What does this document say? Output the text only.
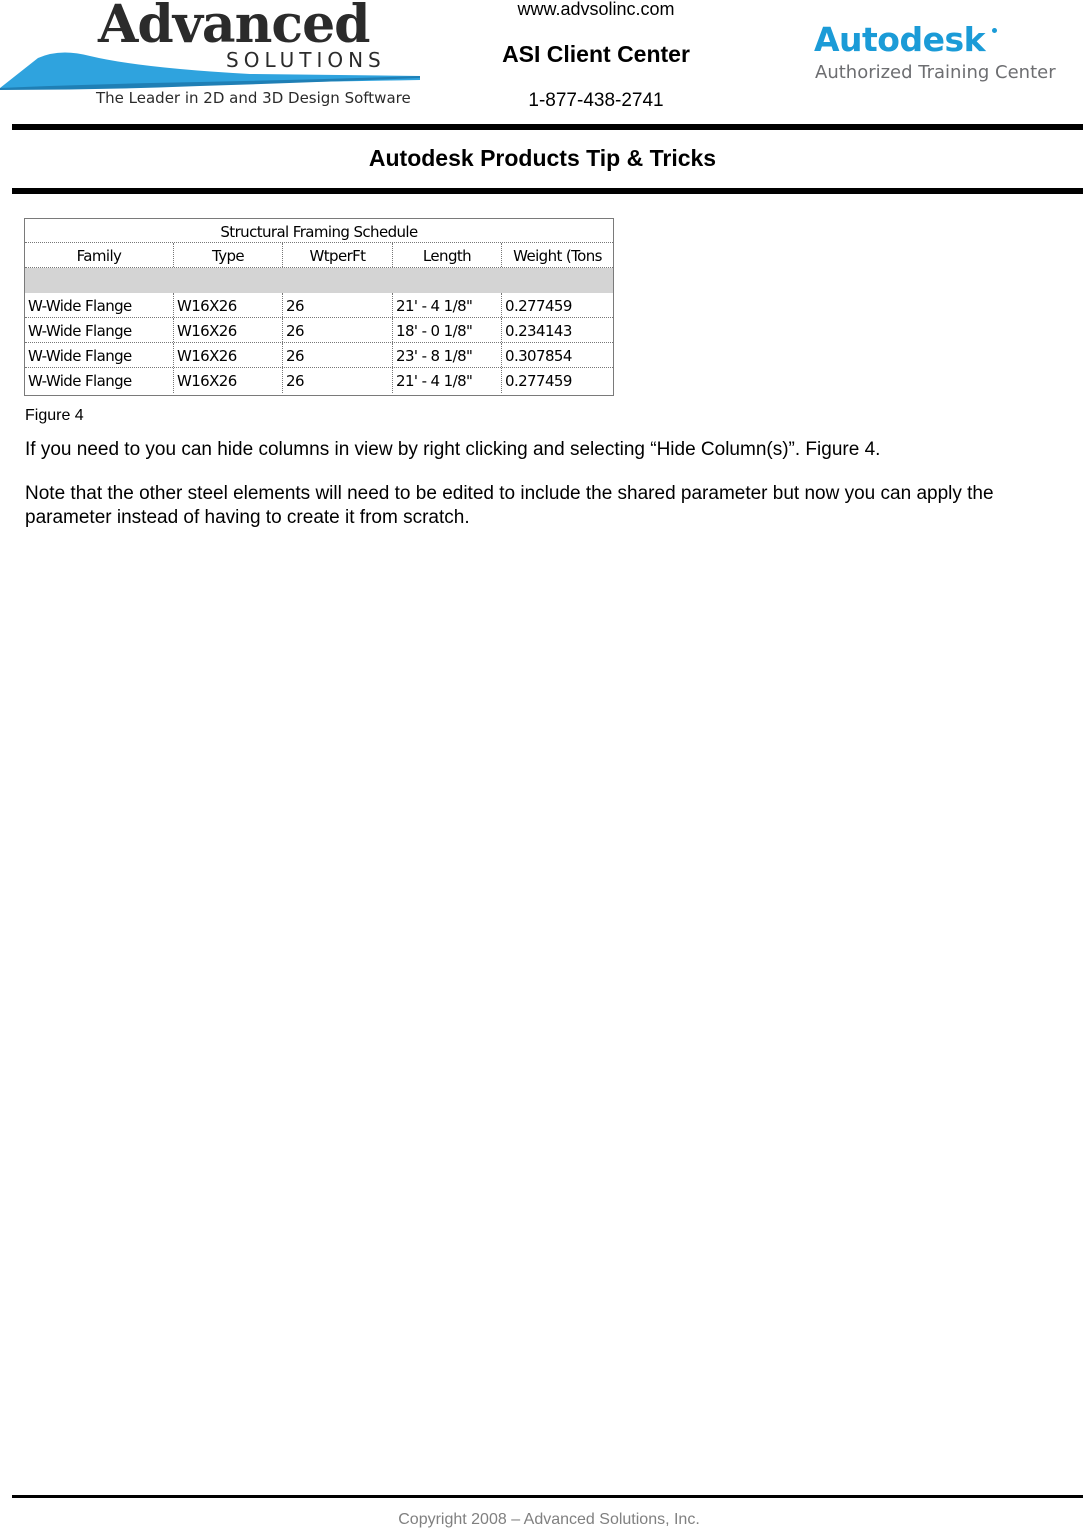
Advanced
SOLUTIONS
The Leader in 2D and 3D Design Software
www.advsolinc.com
ASI Client Center
1-877-438-2741
Autodesk
Authorized Training Center
Autodesk Products Tip & Tricks
Structural Framing Schedule
Family	Type	WtperFt	Length	Weight (Tons
W-Wide Flange	W16X26	26	21' - 4 1/8"	0.277459
W-Wide Flange	W16X26	26	18' - 0 1/8"	0.234143
W-Wide Flange	W16X26	26	23' - 8 1/8"	0.307854
W-Wide Flange	W16X26	26	21' - 4 1/8"	0.277459
Figure 4
If you need to you can hide columns in view by right clicking and selecting “Hide Column(s)”. Figure 4.
Note that the other steel elements will need to be edited to include the shared parameter but now you can apply the parameter instead of having to create it from scratch.
Copyright 2008 – Advanced Solutions, Inc.
